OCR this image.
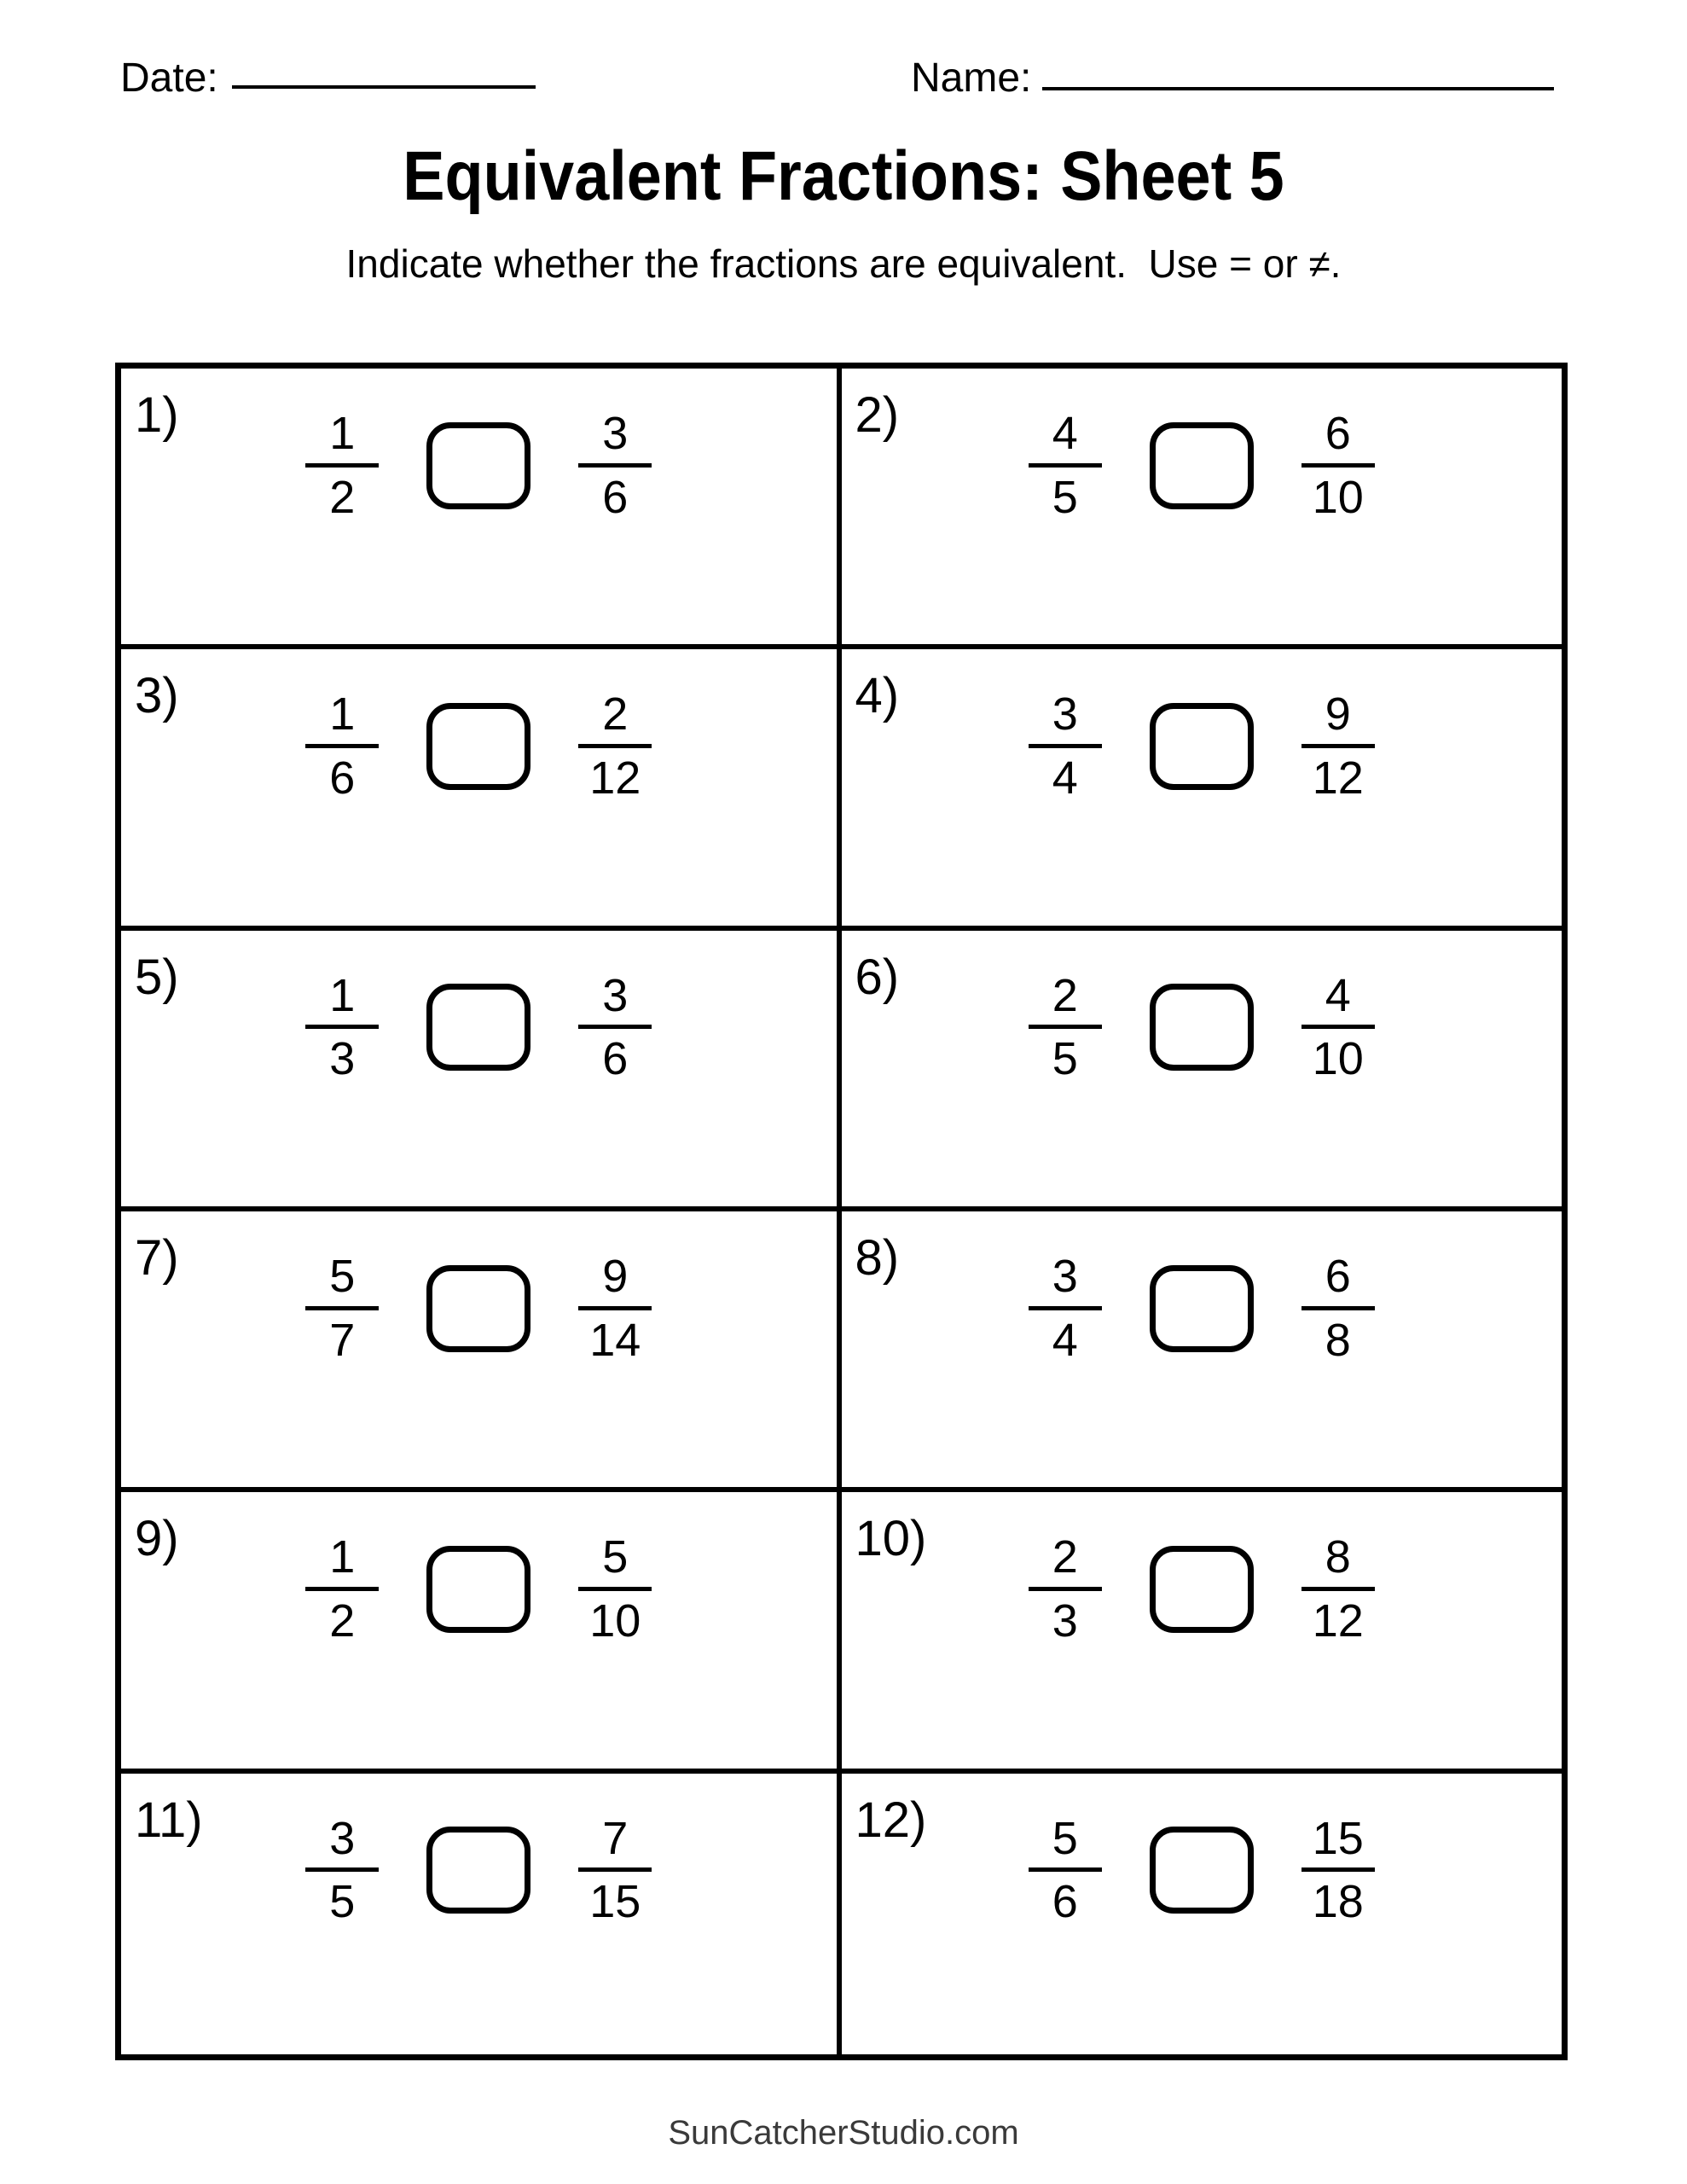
Date:	Name:
Equivalent Fractions: Sheet 5
Indicate whether the fractions are equivalent.  Use = or ≠.
1)	1
2
3
6
2)	4
5
6
10
3)	1
6
2
12
4)	3
4
9
12
5)	1
3
3
6
6)	2
5
4
10
7)	5
7
9
14
8)	3
4
6
8
9)	1
2
5
10
10)	2
3
8
12
11)	3
5
7
15
12)	5
6
15
18
SunCatcherStudio.com
